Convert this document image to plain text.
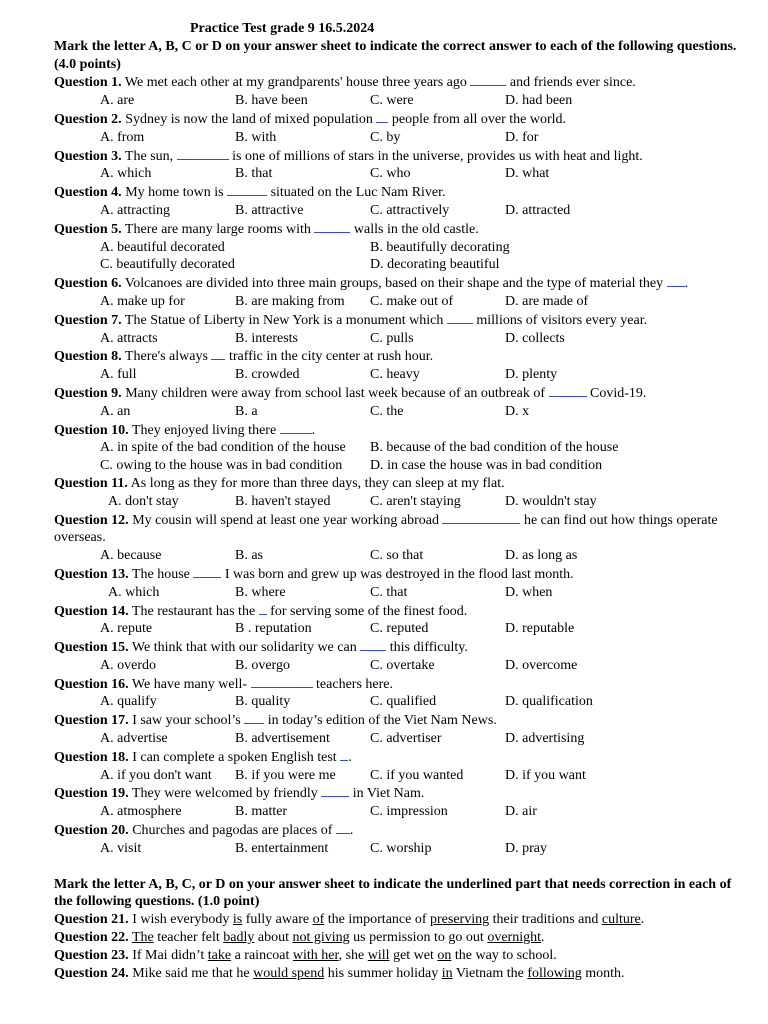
Practice Test grade 9 16.5.2024
Mark the letter A, B, C or D on your answer sheet to indicate the correct answer to each of the following questions. (4.0 points)
Question 1. We met each other at my grandparents' house three years ago	and friends ever since.
A. are	B. have been	C. were	D. had been
Question 2. Sydney is now the land of mixed population  people from all over the world.
A. from	B. with	C. by	D. for
Question 3. The sun,	is one of millions of stars in the universe, provides us with heat and light.
A. which	B. that	C. who	D. what
Question 4. My home town is	situated on the Luc Nam River.
A. attracting	B. attractive	C. attractively	D. attracted
Question 5. There are many large rooms with	walls in the old castle.
A. beautiful decorated	B. beautifully decorating
C. beautifully decorated	D. decorating beautiful
Question 6. Volcanoes are divided into three main groups, based on their shape and the type of material they .
A. make up for	B. are making from C. make out of	D. are made of
Question 7. The Statue of Liberty in New York is a monument which  millions of visitors every year.
A. attracts	B. interests	C. pulls	D. collects
Question 8. There's always  traffic in the city center at rush hour.
A. full	B. crowded	C. heavy	D. plenty
Question 9. Many children were away from school last week because of an outbreak of	Covid-19.
A. an	B. a	C. the	D. x
Question 10. They enjoyed living there	.
A. in spite of the bad condition of the house B. because of the bad condition of the house
C. owing to the house was in bad condition D. in case the house was in bad condition
Question 11. As long as they for more than three days, they can sleep at my flat.
A. don't stay	B. haven't stayed	C. aren't staying	D. wouldn't stay
Question 12. My cousin will spend at least one year working abroad	he can find out how things operate overseas.
A. because	B. as	C. so that	D. as long as
Question 13. The house  I was born and grew up was destroyed in the flood last month.
A. which	B. where	C. that	D. when
Question 14. The restaurant has the  for serving some of the finest food.
A. repute	B . reputation	C. reputed	D. reputable
Question 15. We think that with our solidarity we can  this difficulty.
A. overdo	B. overgo	C. overtake	D. overcome
Question 16. We have many well-	teachers here.
A. qualify	B. quality	C. qualified	D. qualification
Question 17. I saw your school’s  in today’s edition of the Viet Nam News.
A. advertise	B. advertisement	C. advertiser	D. advertising
Question 18. I can complete a spoken English test .
A. if you don't want B. if you were me C. if you wanted	D. if you want
Question 19. They were welcomed by friendly  in Viet Nam.
A. atmosphere	B. matter	C. impression	D. air
Question 20. Churches and pagodas are places of .
A. visit	B. entertainment	C. worship	D. pray
Mark the letter A, B, C, or D on your answer sheet to indicate the underlined part that needs correction in each of the following questions. (1.0 point)
Question 21. I wish everybody is fully aware of the importance of preserving their traditions and culture.
Question 22. The teacher felt badly about not giving us permission to go out overnight.
Question 23. If Mai didn’t take a raincoat with her, she will get wet on the way to school.
Question 24. Mike said me that he would spend his summer holiday in Vietnam the following month.
